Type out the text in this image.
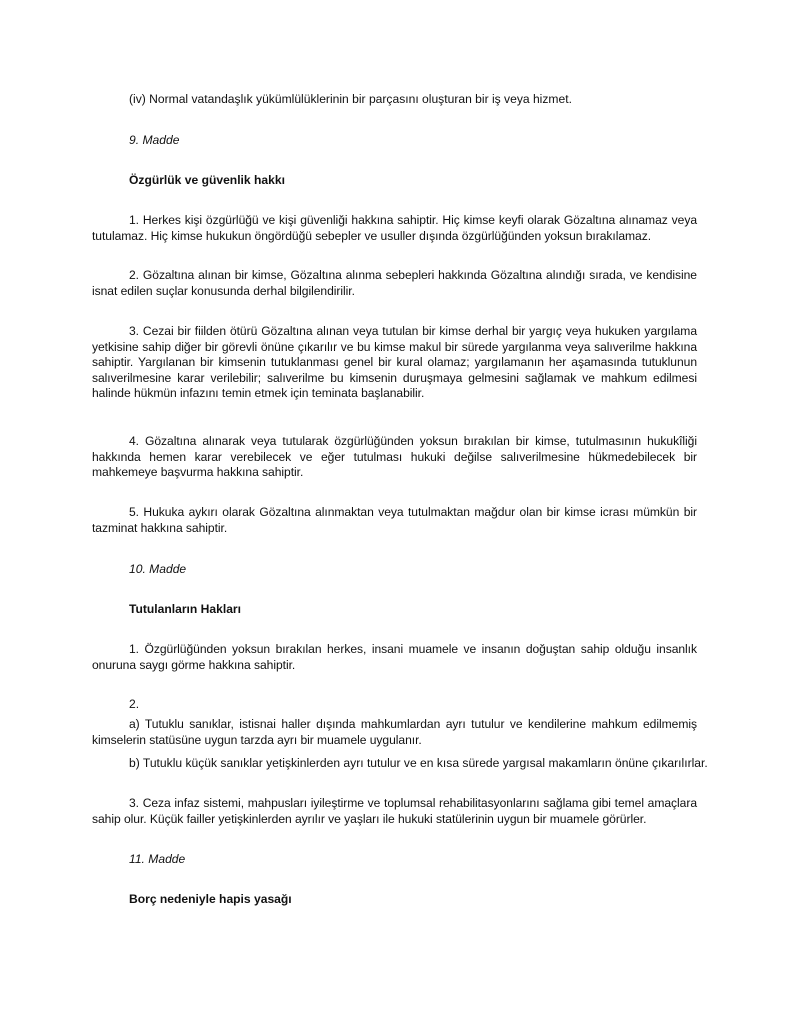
(iv) Normal vatandaşlık yükümlülüklerinin bir parçasını oluşturan bir iş veya hizmet.

9. Madde

Özgürlük ve güvenlik hakkı

1. Herkes kişi özgürlüğü ve kişi güvenliği hakkına sahiptir. Hiç kimse keyfi olarak Gözaltına alınamaz veya tutulamaz. Hiç kimse hukukun öngördüğü sebepler ve usuller dışında özgürlüğünden yoksun bırakılamaz.

2. Gözaltına alınan bir kimse, Gözaltına alınma sebepleri hakkında Gözaltına alındığı sırada, ve kendisine isnat edilen suçlar konusunda derhal bilgilendirilir.

3. Cezai bir fiilden ötürü Gözaltına alınan veya tutulan bir kimse derhal bir yargıç veya hukuken yargılama yetkisine sahip diğer bir görevli önüne çıkarılır ve bu kimse makul bir sürede yargılanma veya salıverilme hakkına sahiptir. Yargılanan bir kimsenin tutuklanması genel bir kural olamaz; yargılamanın her aşamasında tutuklunun salıverilmesine karar verilebilir; salıverilme bu kimsenin duruşmaya gelmesini sağlamak ve mahkum edilmesi halinde hükmün infazını temin etmek için teminata başlanabilir.

4. Gözaltına alınarak veya tutularak özgürlüğünden yoksun bırakılan bir kimse, tutulmasının hukukîliği hakkında hemen karar verebilecek ve eğer tutulması hukuki değilse salıverilmesine hükmedebilecek bir mahkemeye başvurma hakkına sahiptir.

5. Hukuka aykırı olarak Gözaltına alınmaktan veya tutulmaktan mağdur olan bir kimse icrası mümkün bir tazminat hakkına sahiptir.

10. Madde

Tutulanların Hakları

1. Özgürlüğünden yoksun bırakılan herkes, insani muamele ve insanın doğuştan sahip olduğu insanlık onuruna saygı görme hakkına sahiptir.

2.

a) Tutuklu sanıklar, istisnai haller dışında mahkumlardan ayrı tutulur ve kendilerine mahkum edilmemiş kimselerin statüsüne uygun tarzda ayrı bir muamele uygulanır.

b) Tutuklu küçük sanıklar yetişkinlerden ayrı tutulur ve en kısa sürede yargısal makamların önüne çıkarılırlar.

3. Ceza infaz sistemi, mahpusları iyileştirme ve toplumsal rehabilitasyonlarını sağlama gibi temel amaçlara sahip olur. Küçük failler yetişkinlerden ayrılır ve yaşları ile hukuki statülerinin uygun bir muamele görürler.

11. Madde

Borç nedeniyle hapis yasağı
